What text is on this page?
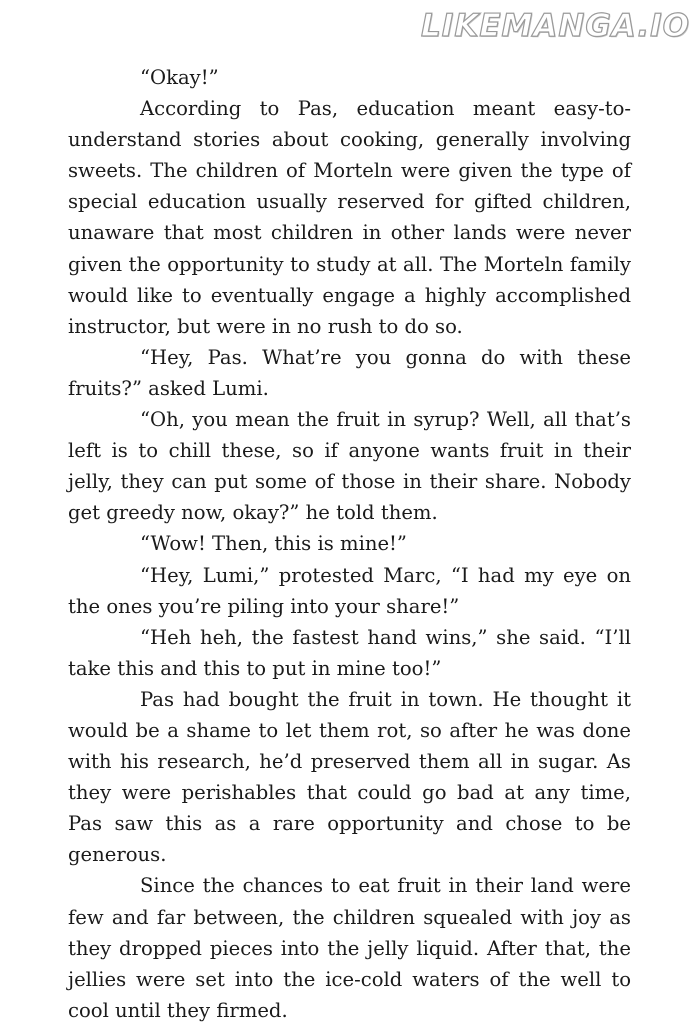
LIKEMANGA.IO

“Okay!”

According to Pas, education meant easy-to-understand stories about cooking, generally involving sweets. The children of Morteln were given the type of special education usually reserved for gifted children, unaware that most children in other lands were never given the opportunity to study at all. The Morteln family would like to eventually engage a highly accomplished instructor, but were in no rush to do so.

“Hey, Pas. What’re you gonna do with these fruits?” asked Lumi.

“Oh, you mean the fruit in syrup? Well, all that’s left is to chill these, so if anyone wants fruit in their jelly, they can put some of those in their share. Nobody get greedy now, okay?” he told them.

“Wow! Then, this is mine!”

“Hey, Lumi,” protested Marc, “I had my eye on the ones you’re piling into your share!”

“Heh heh, the fastest hand wins,” she said. “I’ll take this and this to put in mine too!”

Pas had bought the fruit in town. He thought it would be a shame to let them rot, so after he was done with his research, he’d preserved them all in sugar. As they were perishables that could go bad at any time, Pas saw this as a rare opportunity and chose to be generous.

Since the chances to eat fruit in their land were few and far between, the children squealed with joy as they dropped pieces into the jelly liquid. After that, the jellies were set into the ice-cold waters of the well to cool until they firmed.
